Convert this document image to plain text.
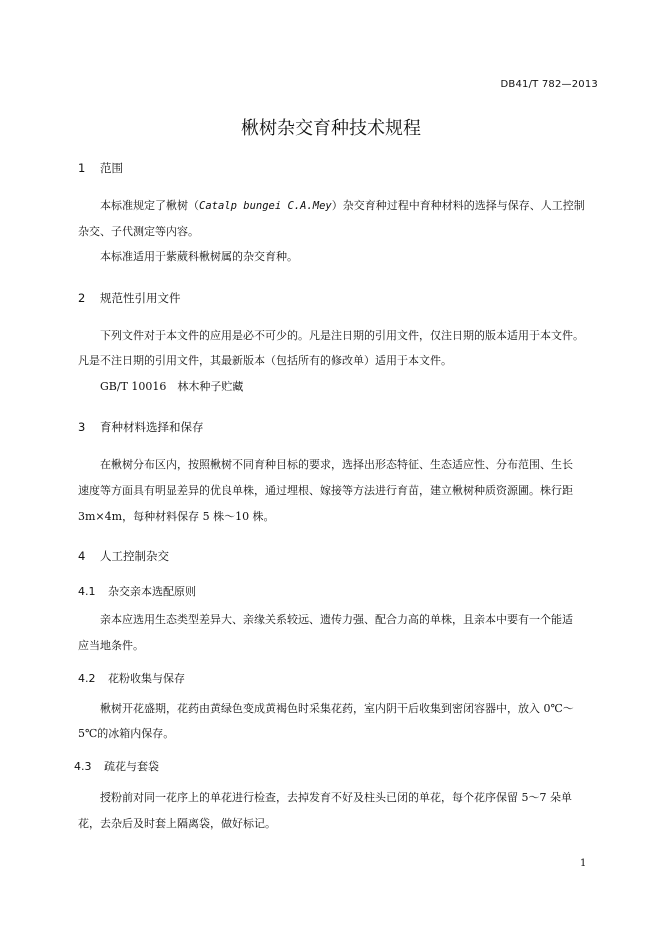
DB41/T 782—2013
楸树杂交育种技术规程
1 范围
本标准规定了楸树（Catalp bungei C.A.Mey）杂交育种过程中育种材料的选择与保存、人工控制
杂交、子代测定等内容。
本标准适用于紫葳科楸树属的杂交育种。
2 规范性引用文件
下列文件对于本文件的应用是必不可少的。凡是注日期的引用文件，仅注日期的版本适用于本文件。
凡是不注日期的引用文件，其最新版本（包括所有的修改单）适用于本文件。
GB/T 10016　林木种子贮藏
3 育种材料选择和保存
在楸树分布区内，按照楸树不同育种目标的要求，选择出形态特征、生态适应性、分布范围、生长
速度等方面具有明显差异的优良单株，通过埋根、嫁接等方法进行育苗，建立楸树种质资源圃。株行距
3m×4m，每种材料保存 5 株～10 株。
4 人工控制杂交
4.1 杂交亲本选配原则
亲本应选用生态类型差异大、亲缘关系较远、遗传力强、配合力高的单株，且亲本中要有一个能适
应当地条件。
4.2 花粉收集与保存
楸树开花盛期，花药由黄绿色变成黄褐色时采集花药，室内阴干后收集到密闭容器中，放入 0℃～
5℃的冰箱内保存。
4.3 疏花与套袋
授粉前对同一花序上的单花进行检查，去掉发育不好及柱头已闭的单花，每个花序保留 5～7 朵单
花，去杂后及时套上隔离袋，做好标记。
1
